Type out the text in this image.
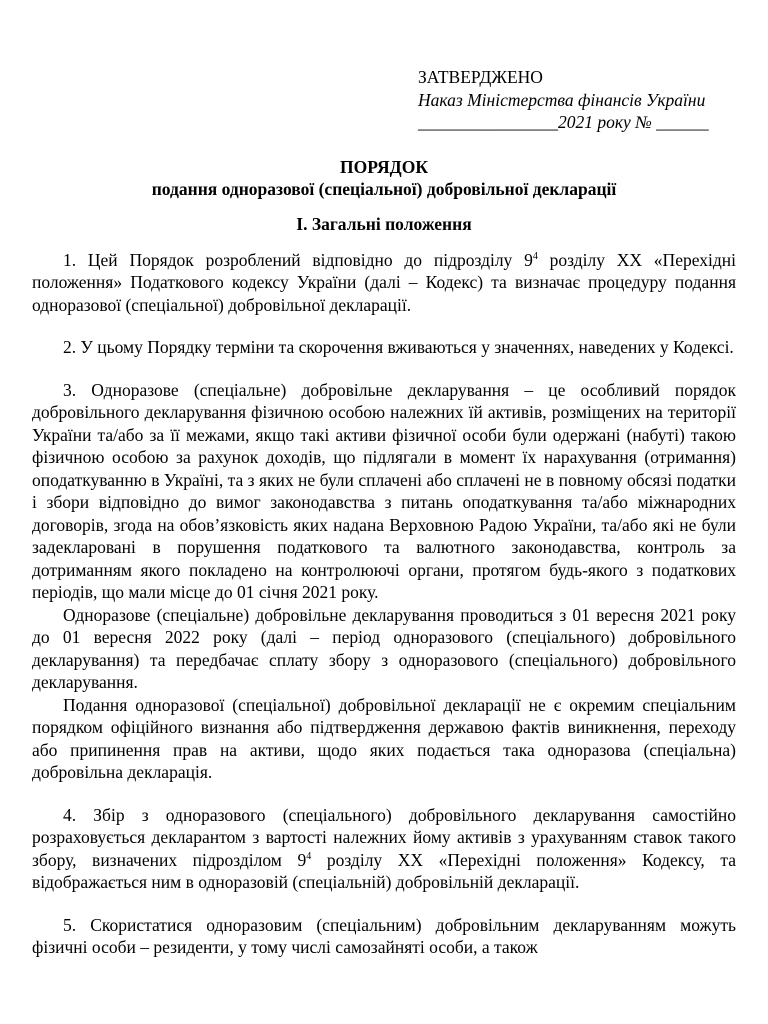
ЗАТВЕРДЖЕНО
Наказ Міністерства фінансів України
________________2021 року № ______
ПОРЯДОК
подання одноразової (спеціальної) добровільної декларації
І. Загальні положення

1. Цей Порядок розроблений відповідно до підрозділу $9^4$ розділу ХХ «Перехідні положення» Податкового кодексу України (далі – Кодекс) та визначає процедуру подання одноразової (спеціальної) добровільної декларації.

2. У цьому Порядку терміни та скорочення вживаються у значеннях, наведених у Кодексі.

3. Одноразове (спеціальне) добровільне декларування – це особливий порядок добровільного декларування фізичною особою належних їй активів, розміщених на території України та/або за її межами, якщо такі активи фізичної особи були одержані (набуті) такою фізичною особою за рахунок доходів, що підлягали в момент їх нарахування (отримання) оподаткуванню в Україні, та з яких не були сплачені або сплачені не в повному обсязі податки і збори відповідно до вимог законодавства з питань оподаткування та/або міжнародних договорів, згода на обов’язковість яких надана Верховною Радою України, та/або які не були задекларовані в порушення податкового та валютного законодавства, контроль за дотриманням якого покладено на контролюючі органи, протягом будь-якого з податкових періодів, що мали місце до 01 січня 2021 року.

Одноразове (спеціальне) добровільне декларування проводиться з 01 вересня 2021 року до 01 вересня 2022 року (далі – період одноразового (спеціального) добровільного декларування) та передбачає сплату збору з одноразового (спеціального) добровільного декларування.

Подання одноразової (спеціальної) добровільної декларації не є окремим спеціальним порядком офіційного визнання або підтвердження державою фактів виникнення, переходу або припинення прав на активи, щодо яких подається така одноразова (спеціальна) добровільна декларація.

4. Збір з одноразового (спеціального) добровільного декларування самостійно розраховується декларантом з вартості належних йому активів з урахуванням ставок такого збору, визначених підрозділом $9^4$ розділу ХХ «Перехідні положення» Кодексу, та відображається ним в одноразовій (спеціальній) добровільній декларації.

5. Скористатися одноразовим (спеціальним) добровільним декларуванням можуть фізичні особи – резиденти, у тому числі самозайняті особи, а також
